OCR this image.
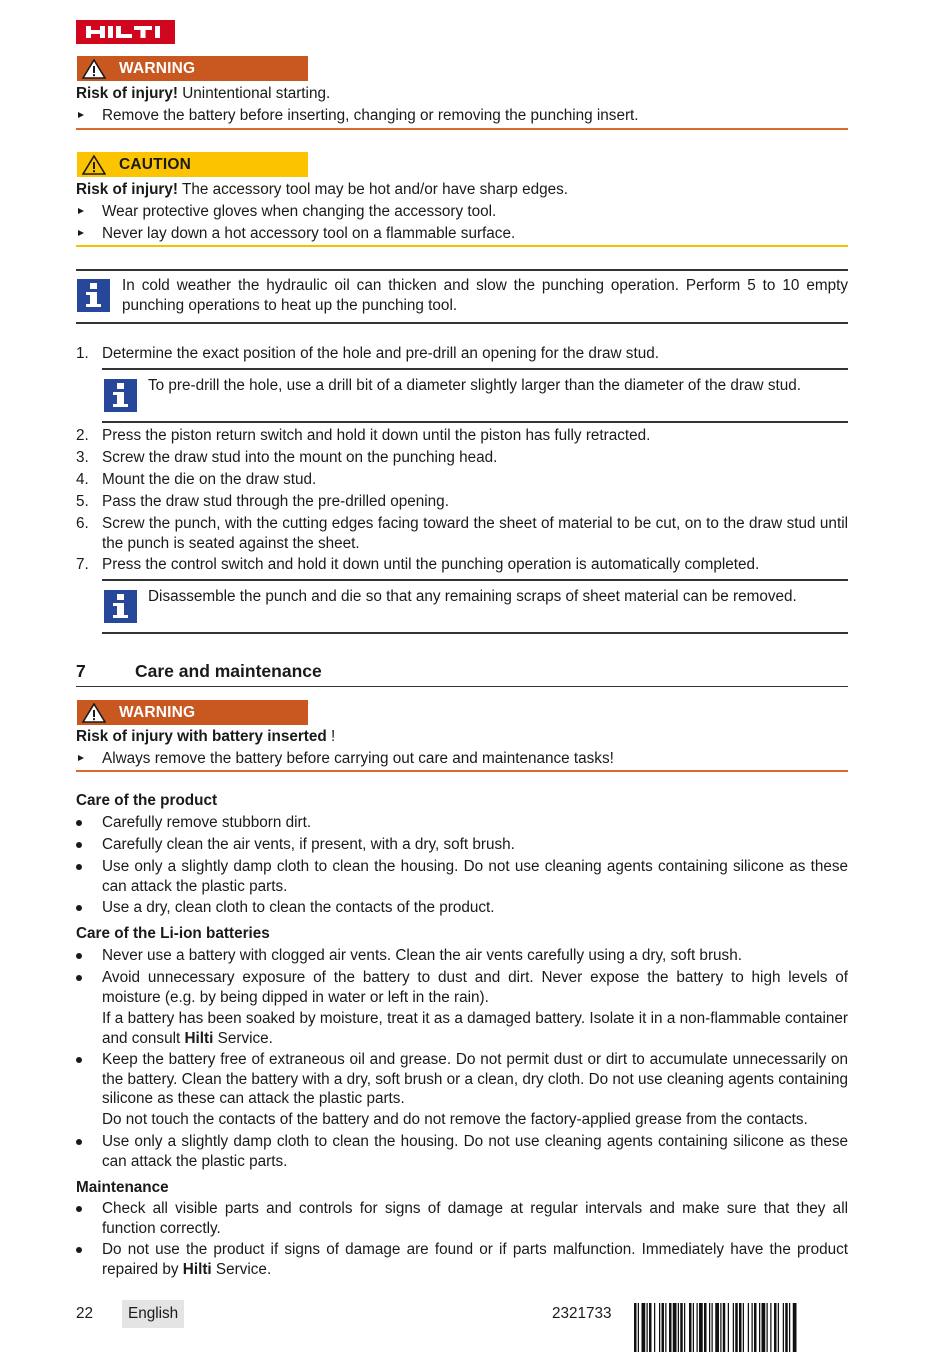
WARNING
Risk of injury! Unintentional starting.
Remove the battery before inserting, changing or removing the punching insert.
CAUTION
Risk of injury! The accessory tool may be hot and/or have sharp edges.
Wear protective gloves when changing the accessory tool.
Never lay down a hot accessory tool on a flammable surface.
In cold weather the hydraulic oil can thicken and slow the punching operation. Perform 5 to 10 empty punching operations to heat up the punching tool.
1. Determine the exact position of the hole and pre-drill an opening for the draw stud.
To pre-drill the hole, use a drill bit of a diameter slightly larger than the diameter of the draw stud.
2. Press the piston return switch and hold it down until the piston has fully retracted.
3. Screw the draw stud into the mount on the punching head.
4. Mount the die on the draw stud.
5. Pass the draw stud through the pre-drilled opening.
6. Screw the punch, with the cutting edges facing toward the sheet of material to be cut, on to the draw stud until the punch is seated against the sheet.
7. Press the control switch and hold it down until the punching operation is automatically completed.
Disassemble the punch and die so that any remaining scraps of sheet material can be removed.
7	Care and maintenance
WARNING
Risk of injury with battery inserted !
Always remove the battery before carrying out care and maintenance tasks!
Care of the product
Carefully remove stubborn dirt.
Carefully clean the air vents, if present, with a dry, soft brush.
Use only a slightly damp cloth to clean the housing. Do not use cleaning agents containing silicone as these can attack the plastic parts.
Use a dry, clean cloth to clean the contacts of the product.
Care of the Li-ion batteries
Never use a battery with clogged air vents. Clean the air vents carefully using a dry, soft brush.
Avoid unnecessary exposure of the battery to dust and dirt. Never expose the battery to high levels of moisture (e.g. by being dipped in water or left in the rain).
If a battery has been soaked by moisture, treat it as a damaged battery. Isolate it in a non-flammable container and consult Hilti Service.
Keep the battery free of extraneous oil and grease. Do not permit dust or dirt to accumulate unnecessarily on the battery. Clean the battery with a dry, soft brush or a clean, dry cloth. Do not use cleaning agents containing silicone as these can attack the plastic parts.
Do not touch the contacts of the battery and do not remove the factory-applied grease from the contacts.
Use only a slightly damp cloth to clean the housing. Do not use cleaning agents containing silicone as these can attack the plastic parts.
Maintenance
Check all visible parts and controls for signs of damage at regular intervals and make sure that they all function correctly.
Do not use the product if signs of damage are found or if parts malfunction. Immediately have the product repaired by Hilti Service.
22	English	2321733
